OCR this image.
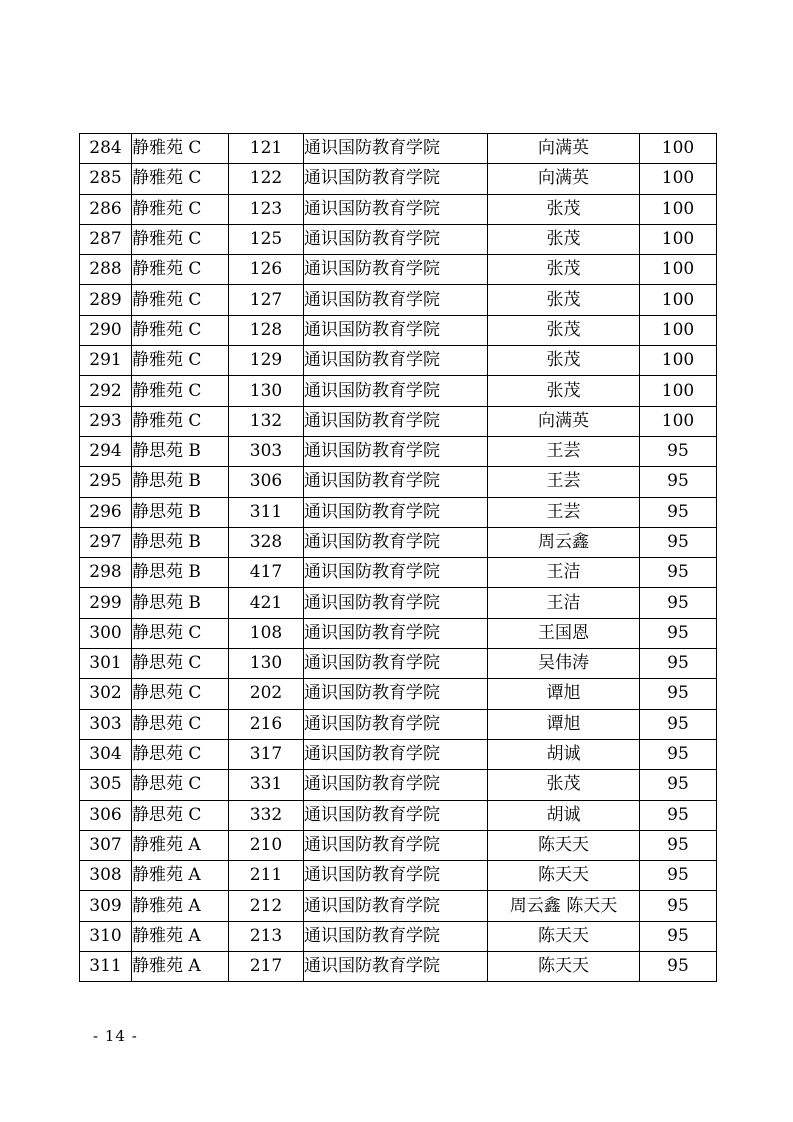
284	静雅苑 C	121	通识国防教育学院	向满英	100
285	静雅苑 C	122	通识国防教育学院	向满英	100
286	静雅苑 C	123	通识国防教育学院	张茂	100
287	静雅苑 C	125	通识国防教育学院	张茂	100
288	静雅苑 C	126	通识国防教育学院	张茂	100
289	静雅苑 C	127	通识国防教育学院	张茂	100
290	静雅苑 C	128	通识国防教育学院	张茂	100
291	静雅苑 C	129	通识国防教育学院	张茂	100
292	静雅苑 C	130	通识国防教育学院	张茂	100
293	静雅苑 C	132	通识国防教育学院	向满英	100
294	静思苑 B	303	通识国防教育学院	王芸	95
295	静思苑 B	306	通识国防教育学院	王芸	95
296	静思苑 B	311	通识国防教育学院	王芸	95
297	静思苑 B	328	通识国防教育学院	周云鑫	95
298	静思苑 B	417	通识国防教育学院	王洁	95
299	静思苑 B	421	通识国防教育学院	王洁	95
300	静思苑 C	108	通识国防教育学院	王国恩	95
301	静思苑 C	130	通识国防教育学院	吴伟涛	95
302	静思苑 C	202	通识国防教育学院	谭旭	95
303	静思苑 C	216	通识国防教育学院	谭旭	95
304	静思苑 C	317	通识国防教育学院	胡诚	95
305	静思苑 C	331	通识国防教育学院	张茂	95
306	静思苑 C	332	通识国防教育学院	胡诚	95
307	静雅苑 A	210	通识国防教育学院	陈天天	95
308	静雅苑 A	211	通识国防教育学院	陈天天	95
309	静雅苑 A	212	通识国防教育学院	周云鑫 陈天天	95
310	静雅苑 A	213	通识国防教育学院	陈天天	95
311	静雅苑 A	217	通识国防教育学院	陈天天	95
- 14 -
